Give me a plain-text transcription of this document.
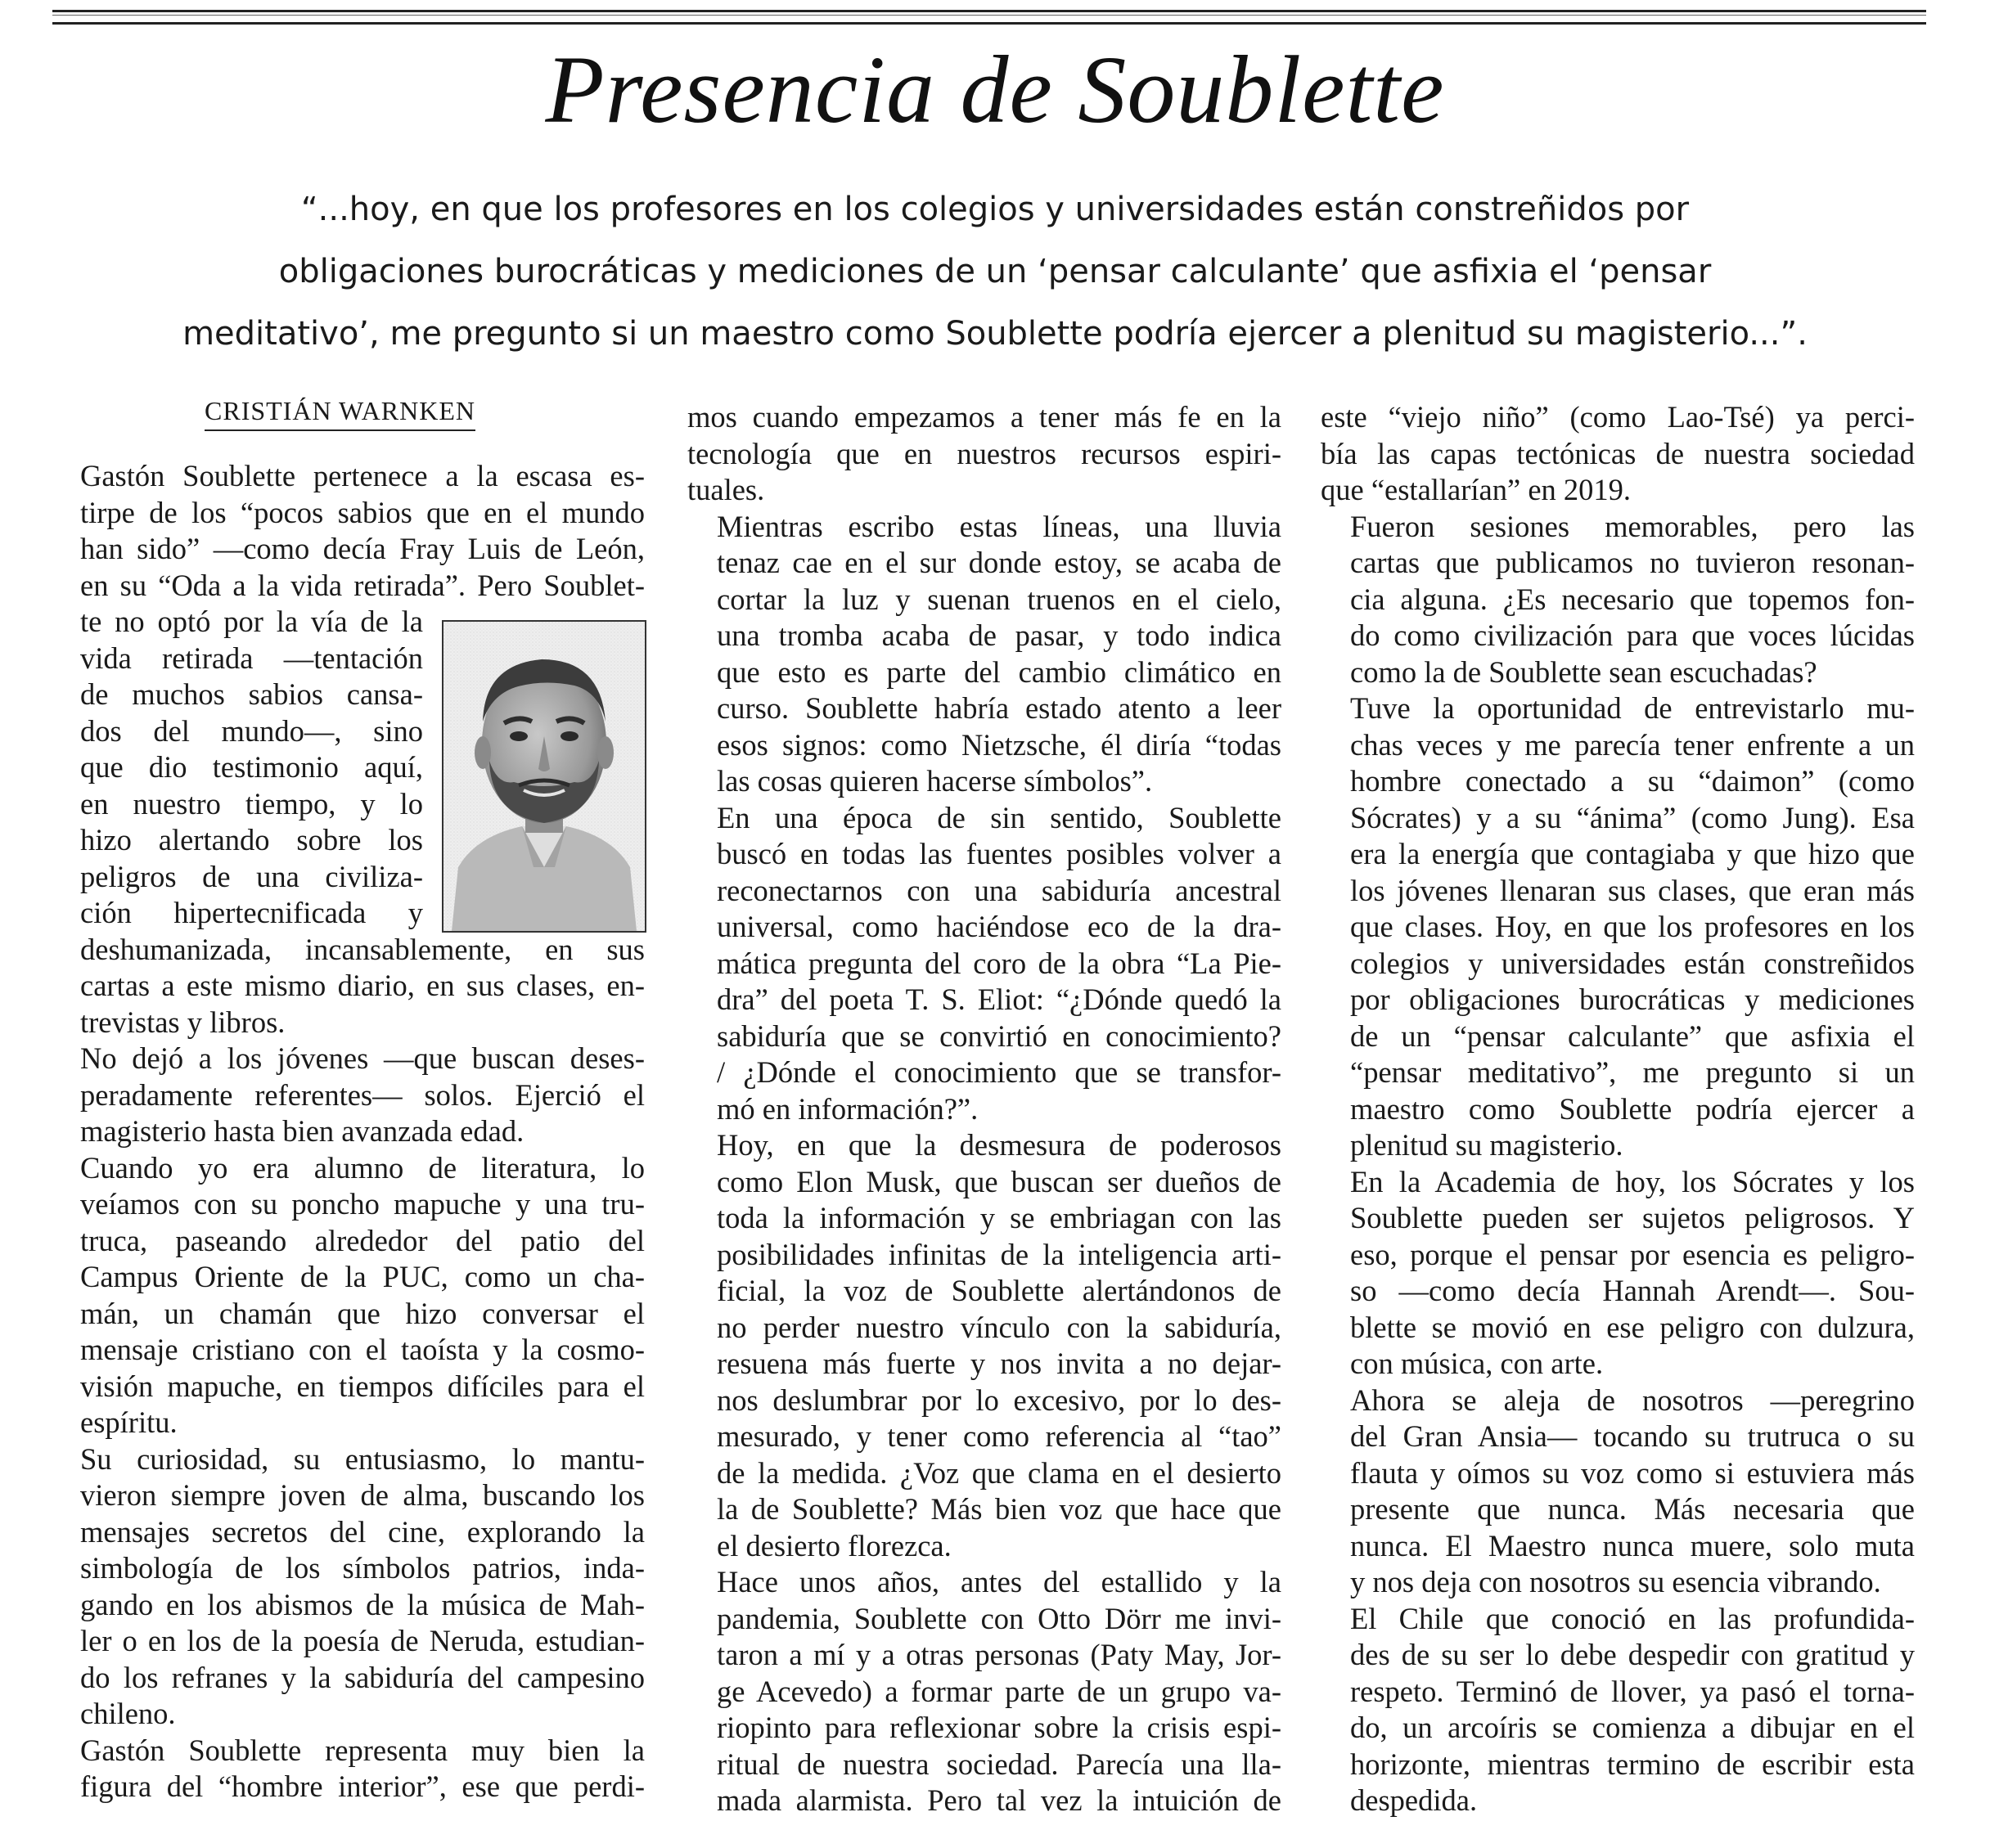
Presencia de Soublette

“...hoy, en que los profesores en los colegios y universidades están constreñidos por
obligaciones burocráticas y mediciones de un ‘pensar calculante’ que asfixia el ‘pensar
meditativo’, me pregunto si un maestro como Soublette podría ejercer a plenitud su magisterio...”.

CRISTIÁN WARNKEN

Gastón Soublette pertenece a la escasa es-
tirpe de los “pocos sabios que en el mundo
han sido” —como decía Fray Luis de León,
en su “Oda a la vida retirada”. Pero Soublet-
te no optó por la vía de la
vida retirada —tentación
de muchos sabios cansa-
dos del mundo—, sino
que dio testimonio aquí,
en nuestro tiempo, y lo
hizo alertando sobre los
peligros de una civiliza-
ción hipertecnificada y
deshumanizada, incansablemente, en sus
cartas a este mismo diario, en sus clases, en-
trevistas y libros.

No dejó a los jóvenes —que buscan deses-
peradamente referentes— solos. Ejerció el
magisterio hasta bien avanzada edad.

Cuando yo era alumno de literatura, lo
veíamos con su poncho mapuche y una tru-
truca, paseando alrededor del patio del
Campus Oriente de la PUC, como un cha-
mán, un chamán que hizo conversar el
mensaje cristiano con el taoísta y la cosmo-
visión mapuche, en tiempos difíciles para el
espíritu.

Su curiosidad, su entusiasmo, lo mantu-
vieron siempre joven de alma, buscando los
mensajes secretos del cine, explorando la
simbología de los símbolos patrios, inda-
gando en los abismos de la música de Mah-
ler o en los de la poesía de Neruda, estudian-
do los refranes y la sabiduría del campesino
chileno.

Gastón Soublette representa muy bien la
figura del “hombre interior”, ese que perdi-

mos cuando empezamos a tener más fe en la
tecnología que en nuestros recursos espiri-
tuales.

Mientras escribo estas líneas, una lluvia
tenaz cae en el sur donde estoy, se acaba de
cortar la luz y suenan truenos en el cielo,
una tromba acaba de pasar, y todo indica
que esto es parte del cambio climático en
curso. Soublette habría estado atento a leer
esos signos: como Nietzsche, él diría “todas
las cosas quieren hacerse símbolos”.

En una época de sin sentido, Soublette
buscó en todas las fuentes posibles volver a
reconectarnos con una sabiduría ancestral
universal, como haciéndose eco de la dra-
mática pregunta del coro de la obra “La Pie-
dra” del poeta T. S. Eliot: “¿Dónde quedó la
sabiduría que se convirtió en conocimiento?
/ ¿Dónde el conocimiento que se transfor-
mó en información?”.

Hoy, en que la desmesura de poderosos
como Elon Musk, que buscan ser dueños de
toda la información y se embriagan con las
posibilidades infinitas de la inteligencia arti-
ficial, la voz de Soublette alertándonos de
no perder nuestro vínculo con la sabiduría,
resuena más fuerte y nos invita a no dejar-
nos deslumbrar por lo excesivo, por lo des-
mesurado, y tener como referencia al “tao”
de la medida. ¿Voz que clama en el desierto
la de Soublette? Más bien voz que hace que
el desierto florezca.

Hace unos años, antes del estallido y la
pandemia, Soublette con Otto Dörr me invi-
taron a mí y a otras personas (Paty May, Jor-
ge Acevedo) a formar parte de un grupo va-
riopinto para reflexionar sobre la crisis espi-
ritual de nuestra sociedad. Parecía una lla-
mada alarmista. Pero tal vez la intuición de

este “viejo niño” (como Lao-Tsé) ya perci-
bía las capas tectónicas de nuestra sociedad
que “estallarían” en 2019.

Fueron sesiones memorables, pero las
cartas que publicamos no tuvieron resonan-
cia alguna. ¿Es necesario que topemos fon-
do como civilización para que voces lúcidas
como la de Soublette sean escuchadas?

Tuve la oportunidad de entrevistarlo mu-
chas veces y me parecía tener enfrente a un
hombre conectado a su “daimon” (como
Sócrates) y a su “ánima” (como Jung). Esa
era la energía que contagiaba y que hizo que
los jóvenes llenaran sus clases, que eran más
que clases. Hoy, en que los profesores en los
colegios y universidades están constreñidos
por obligaciones burocráticas y mediciones
de un “pensar calculante” que asfixia el
“pensar meditativo”, me pregunto si un
maestro como Soublette podría ejercer a
plenitud su magisterio.

En la Academia de hoy, los Sócrates y los
Soublette pueden ser sujetos peligrosos. Y
eso, porque el pensar por esencia es peligro-
so —como decía Hannah Arendt—. Sou-
blette se movió en ese peligro con dulzura,
con música, con arte.

Ahora se aleja de nosotros —peregrino
del Gran Ansia— tocando su trutruca o su
flauta y oímos su voz como si estuviera más
presente que nunca. Más necesaria que
nunca. El Maestro nunca muere, solo muta
y nos deja con nosotros su esencia vibrando.

El Chile que conoció en las profundida-
des de su ser lo debe despedir con gratitud y
respeto. Terminó de llover, ya pasó el torna-
do, un arcoíris se comienza a dibujar en el
horizonte, mientras termino de escribir esta
despedida.
